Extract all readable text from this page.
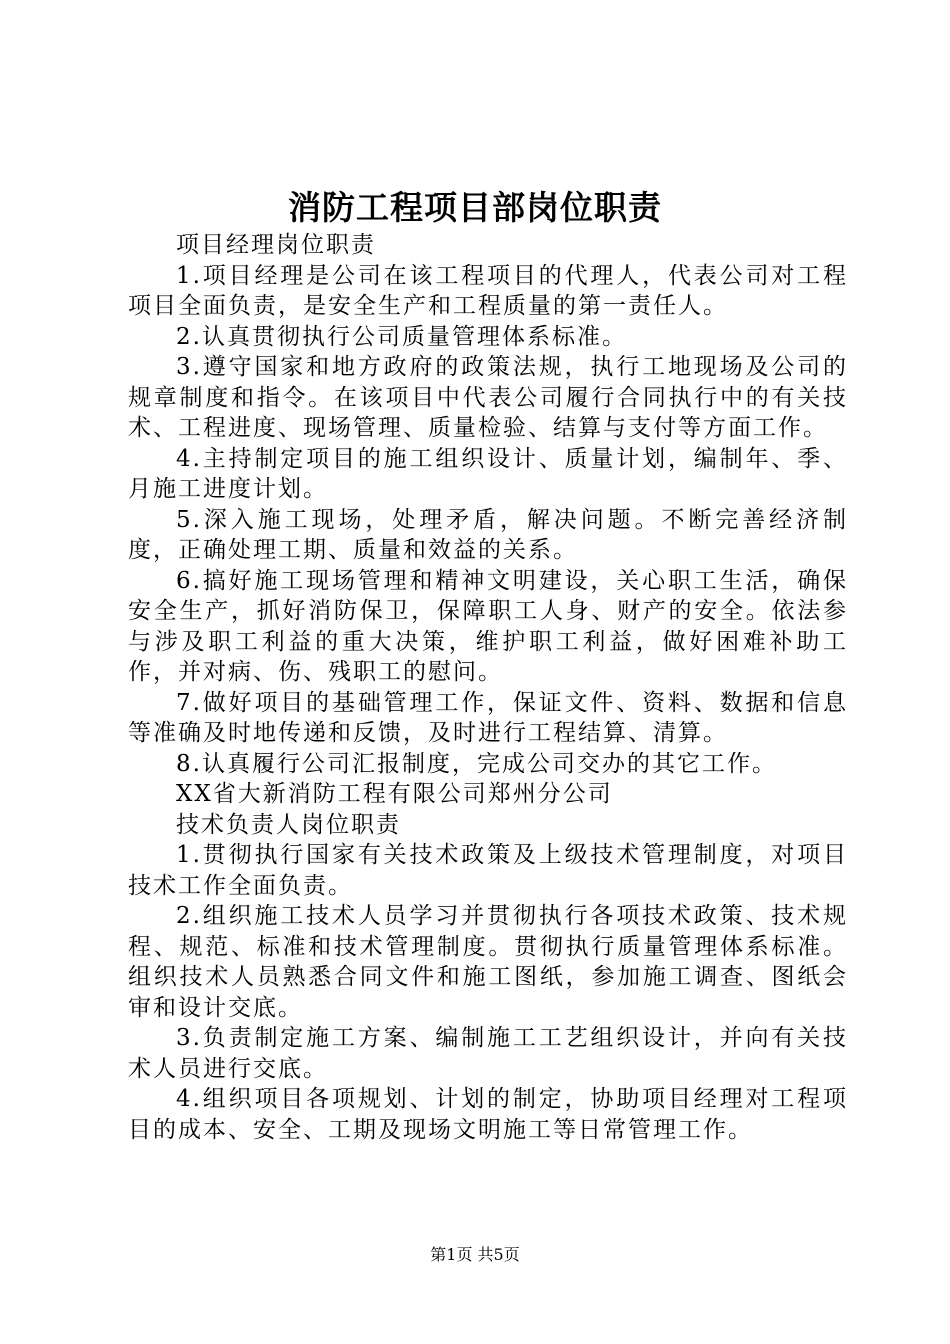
消防工程项目部岗位职责

项目经理岗位职责

1.项目经理是公司在该工程项目的代理人，代表公司对工程项目全面负责，是安全生产和工程质量的第一责任人。

2.认真贯彻执行公司质量管理体系标准。

3.遵守国家和地方政府的政策法规，执行工地现场及公司的规章制度和指令。在该项目中代表公司履行合同执行中的有关技术、工程进度、现场管理、质量检验、结算与支付等方面工作。

4.主持制定项目的施工组织设计、质量计划，编制年、季、月施工进度计划。

5.深入施工现场，处理矛盾，解决问题。不断完善经济制度，正确处理工期、质量和效益的关系。

6.搞好施工现场管理和精神文明建设，关心职工生活，确保安全生产，抓好消防保卫，保障职工人身、财产的安全。依法参与涉及职工利益的重大决策，维护职工利益，做好困难补助工作，并对病、伤、残职工的慰问。

7.做好项目的基础管理工作，保证文件、资料、数据和信息等准确及时地传递和反馈，及时进行工程结算、清算。

8.认真履行公司汇报制度，完成公司交办的其它工作。

XX省大新消防工程有限公司郑州分公司

技术负责人岗位职责

1.贯彻执行国家有关技术政策及上级技术管理制度，对项目技术工作全面负责。

2.组织施工技术人员学习并贯彻执行各项技术政策、技术规程、规范、标准和技术管理制度。贯彻执行质量管理体系标准。组织技术人员熟悉合同文件和施工图纸，参加施工调查、图纸会审和设计交底。

3.负责制定施工方案、编制施工工艺组织设计，并向有关技术人员进行交底。

4.组织项目各项规划、计划的制定，协助项目经理对工程项目的成本、安全、工期及现场文明施工等日常管理工作。

第1页 共5页
